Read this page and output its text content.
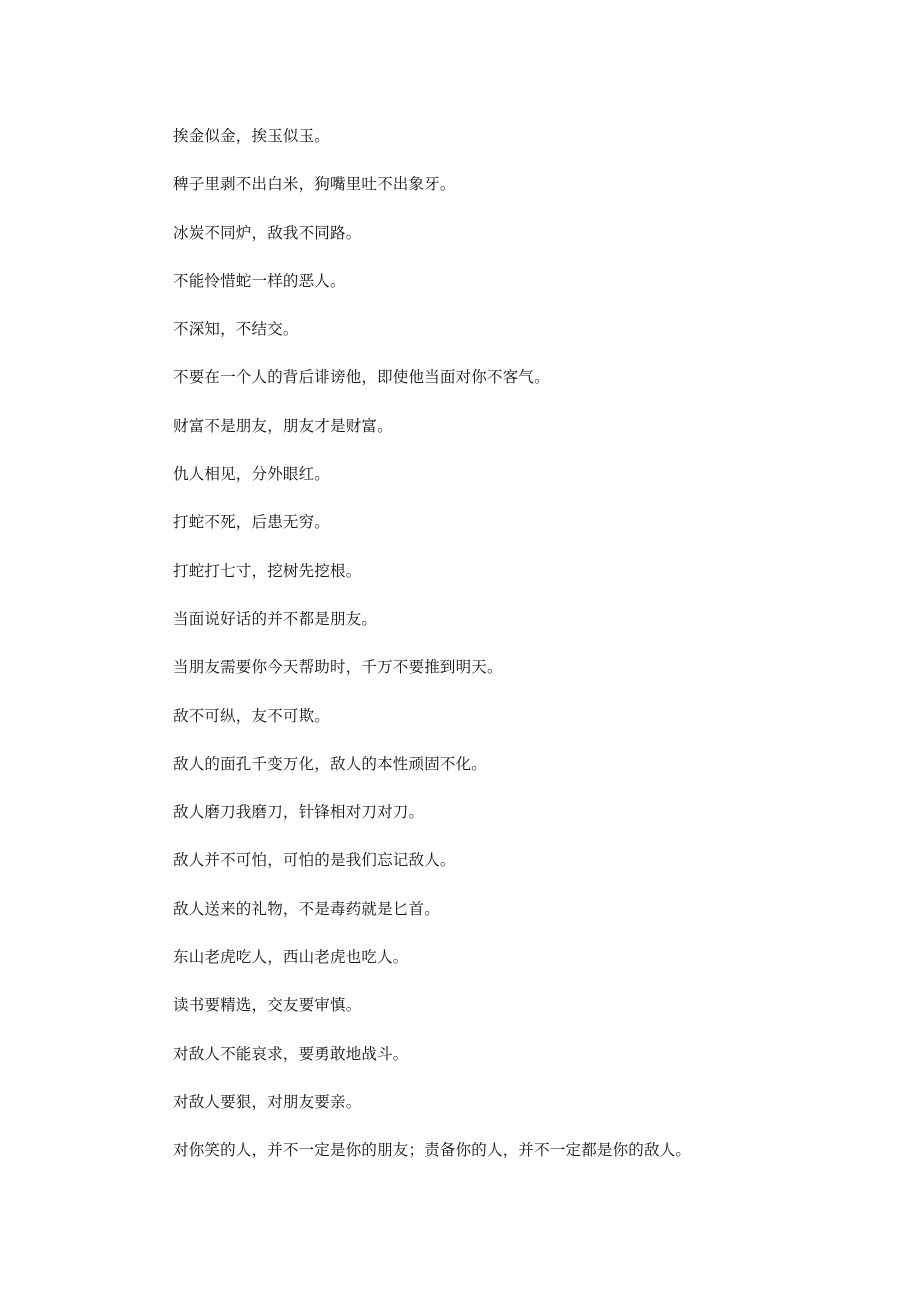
挨金似金，挨玉似玉。
稗子里剥不出白米，狗嘴里吐不出象牙。
冰炭不同炉，敌我不同路。
不能怜惜蛇一样的恶人。
不深知，不结交。
不要在一个人的背后诽谤他，即使他当面对你不客气。
财富不是朋友，朋友才是财富。
仇人相见，分外眼红。
打蛇不死，后患无穷。
打蛇打七寸，挖树先挖根。
当面说好话的并不都是朋友。
当朋友需要你今天帮助时，千万不要推到明天。
敌不可纵，友不可欺。
敌人的面孔千变万化，敌人的本性顽固不化。
敌人磨刀我磨刀，针锋相对刀对刀。
敌人并不可怕，可怕的是我们忘记敌人。
敌人送来的礼物，不是毒药就是匕首。
东山老虎吃人，西山老虎也吃人。
读书要精选，交友要审慎。
对敌人不能哀求，要勇敢地战斗。
对敌人要狠，对朋友要亲。
对你笑的人，并不一定是你的朋友；责备你的人，并不一定都是你的敌人。
